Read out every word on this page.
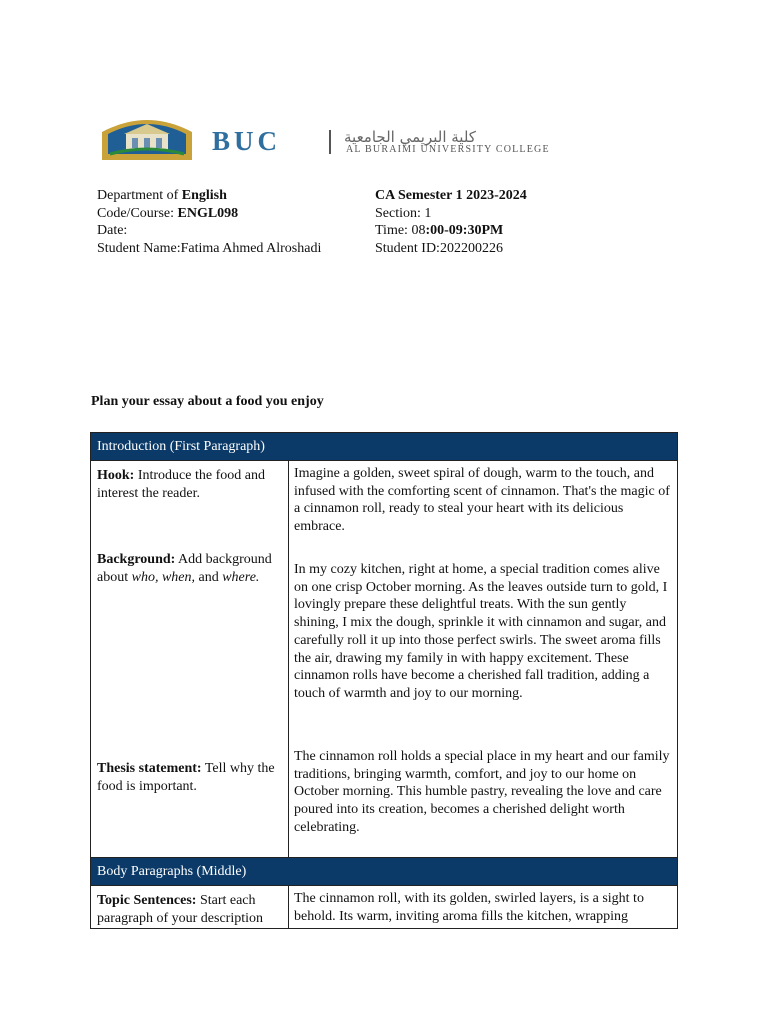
BUC	كلية البريمي الجامعية
AL BURAIMI UNIVERSITY COLLEGE
Department of English
Code/Course: ENGL098
Date:
Student Name:Fatima Ahmed Alroshadi
CA Semester 1 2023-2024
Section: 1
Time: 08:00-09:30PM
Student ID:202200226
Plan your essay about a food you enjoy
Introduction (First Paragraph)
Hook: Introduce the food and interest the reader.
Imagine a golden, sweet spiral of dough, warm to the touch, and infused with the comforting scent of cinnamon. That's the magic of a cinnamon roll, ready to steal your heart with its delicious embrace.
Background: Add background about who, when, and where.
In my cozy kitchen, right at home, a special tradition comes alive on one crisp October morning. As the leaves outside turn to gold, I lovingly prepare these delightful treats. With the sun gently shining, I mix the dough, sprinkle it with cinnamon and sugar, and carefully roll it up into those perfect swirls. The sweet aroma fills the air, drawing my family in with happy excitement. These cinnamon rolls have become a cherished fall tradition, adding a touch of warmth and joy to our morning.
Thesis statement: Tell why the food is important.
The cinnamon roll holds a special place in my heart and our family traditions, bringing warmth, comfort, and joy to our home on October morning. This humble pastry, revealing the love and care poured into its creation, becomes a cherished delight worth celebrating.
Body Paragraphs (Middle)
Topic Sentences: Start each paragraph of your description
The cinnamon roll, with its golden, swirled layers, is a sight to behold. Its warm, inviting aroma fills the kitchen, wrapping
